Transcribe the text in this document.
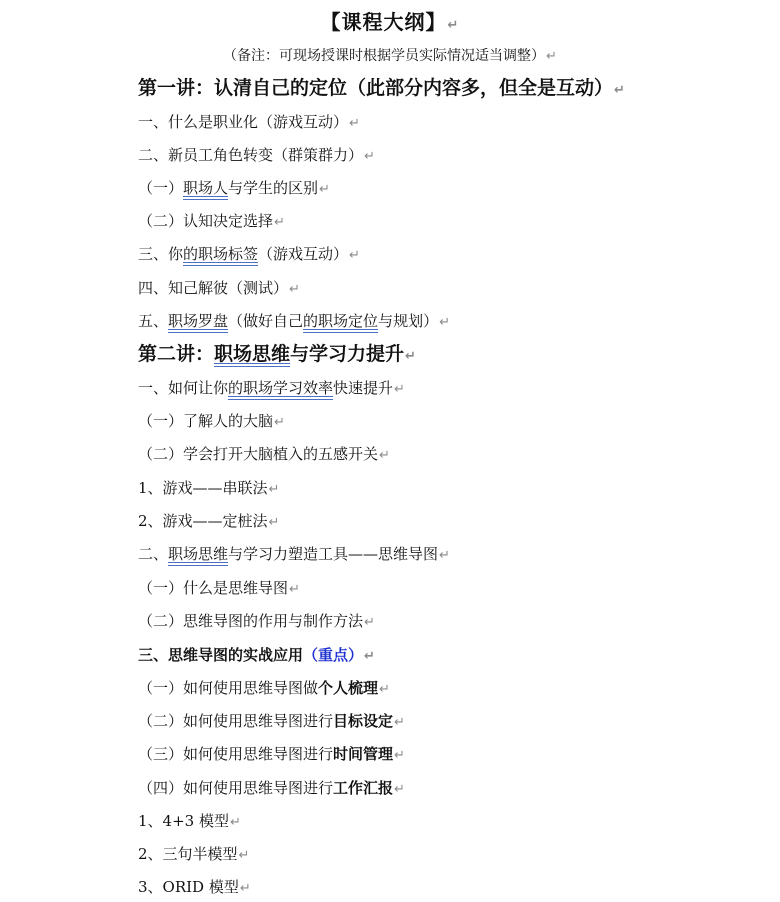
【课程大纲】↵
（备注：可现场授课时根据学员实际情况适当调整）↵
第一讲：认清自己的定位（此部分内容多，但全是互动）↵
一、什么是职业化（游戏互动）↵
二、新员工角色转变（群策群力）↵
（一）职场人与学生的区别↵
（二）认知决定选择↵
三、你的职场标签（游戏互动）↵
四、知己解彼（测试）↵
五、职场罗盘（做好自己的职场定位与规划）↵
第二讲：职场思维与学习力提升↵
一、如何让你的职场学习效率快速提升↵
（一）了解人的大脑↵
（二）学会打开大脑植入的五感开关↵
1、游戏——串联法↵
2、游戏——定桩法↵
二、职场思维与学习力塑造工具——思维导图↵
（一）什么是思维导图↵
（二）思维导图的作用与制作方法↵
三、思维导图的实战应用（重点）↵
（一）如何使用思维导图做个人梳理↵
（二）如何使用思维导图进行目标设定↵
（三）如何使用思维导图进行时间管理↵
（四）如何使用思维导图进行工作汇报↵
1、4+3 模型↵
2、三句半模型↵
3、ORID 模型↵
